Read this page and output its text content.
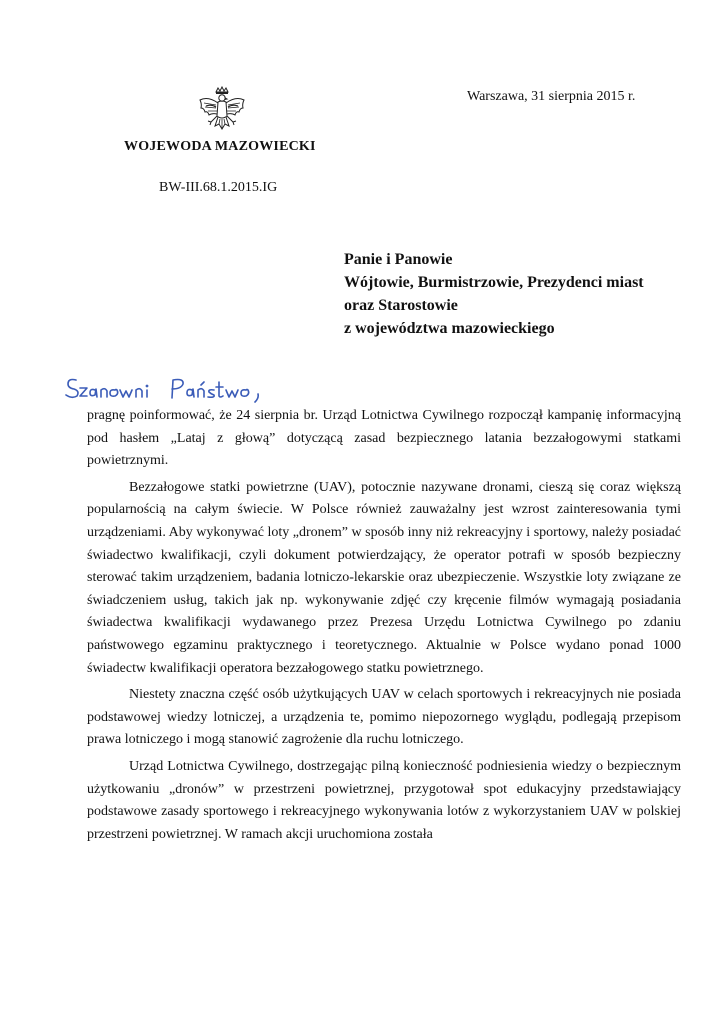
WOJEWODA MAZOWIECKI
BW-III.68.1.2015.IG
Warszawa, 31 sierpnia 2015 r.
Panie i Panowie
Wójtowie, Burmistrzowie, Prezydenci miast
oraz Starostowie
z województwa mazowieckiego

pragnę poinformować, że 24 sierpnia br. Urząd Lotnictwa Cywilnego rozpoczął kampanię informacyjną pod hasłem „Lataj z głową” dotyczącą zasad bezpiecznego latania bezzałogowymi statkami powietrznymi.

Bezzałogowe statki powietrzne (UAV), potocznie nazywane dronami, cieszą się coraz większą popularnością na całym świecie. W Polsce również zauważalny jest wzrost zainteresowania tymi urządzeniami. Aby wykonywać loty „dronem” w sposób inny niż rekreacyjny i sportowy, należy posiadać świadectwo kwalifikacji, czyli dokument potwierdzający, że operator potrafi w sposób bezpieczny sterować takim urządzeniem, badania lotniczo-lekarskie oraz ubezpieczenie. Wszystkie loty związane ze świadczeniem usług, takich jak np. wykonywanie zdjęć czy kręcenie filmów wymagają posiadania świadectwa kwalifikacji wydawanego przez Prezesa Urzędu Lotnictwa Cywilnego po zdaniu państwowego egzaminu praktycznego i teoretycznego. Aktualnie w Polsce wydano ponad 1000 świadectw kwalifikacji operatora bezzałogowego statku powietrznego.

Niestety znaczna część osób użytkujących UAV w celach sportowych i rekreacyjnych nie posiada podstawowej wiedzy lotniczej, a urządzenia te, pomimo niepozornego wyglądu, podlegają przepisom prawa lotniczego i mogą stanowić zagrożenie dla ruchu lotniczego.

Urząd Lotnictwa Cywilnego, dostrzegając pilną konieczność podniesienia wiedzy o bezpiecznym użytkowaniu „dronów” w przestrzeni powietrznej, przygotował spot edukacyjny przedstawiający podstawowe zasady sportowego i rekreacyjnego wykonywania lotów z wykorzystaniem UAV w polskiej przestrzeni powietrznej. W ramach akcji uruchomiona została
